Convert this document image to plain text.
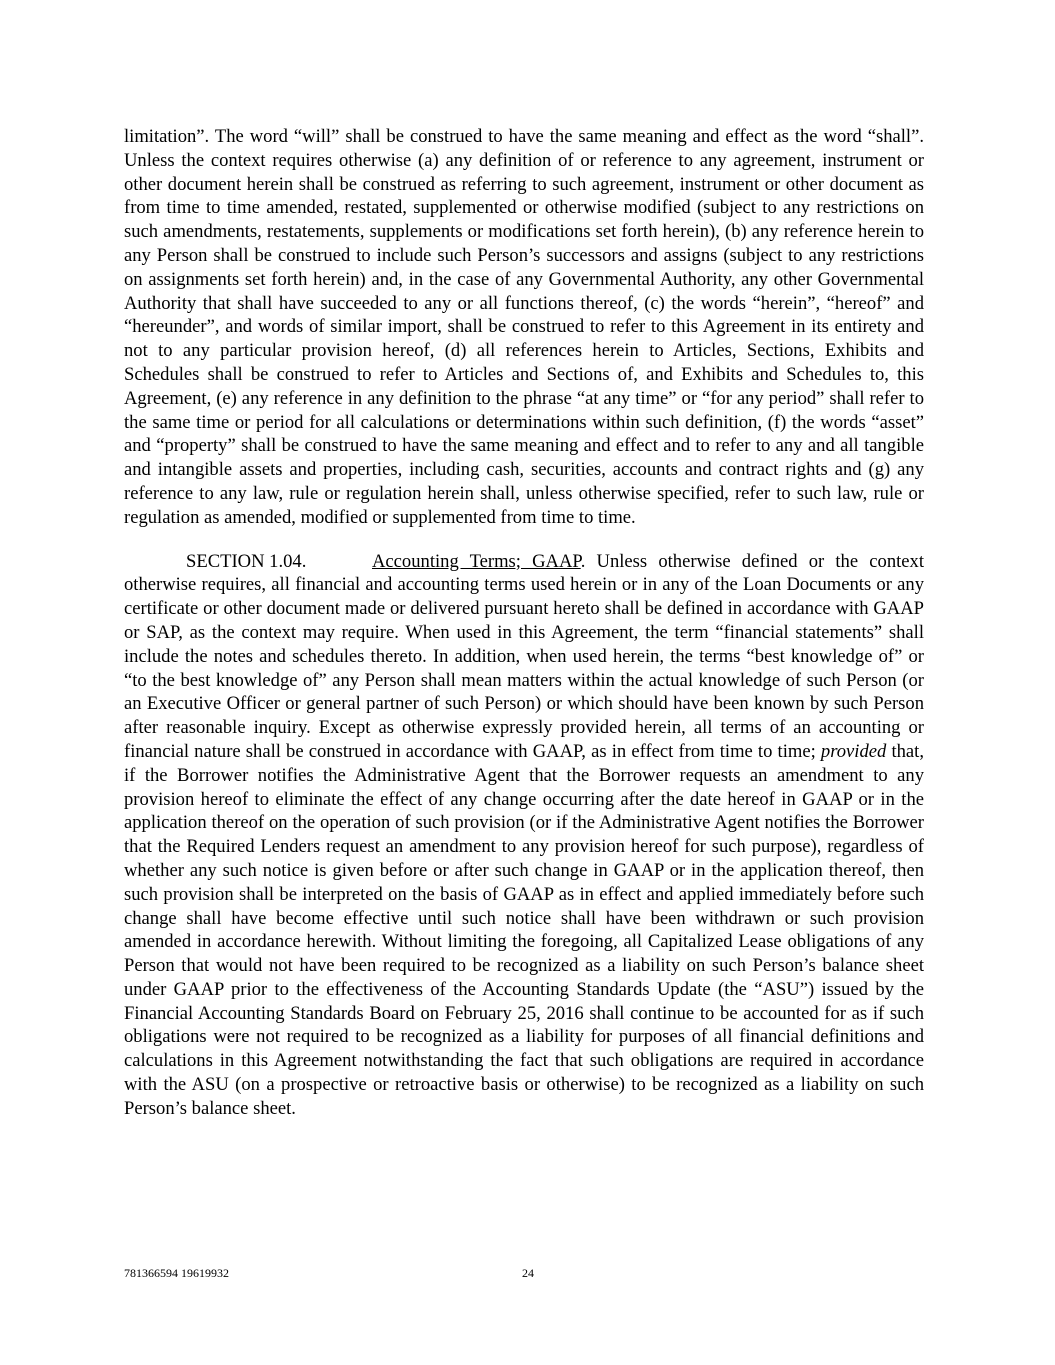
limitation”. The word “will” shall be construed to have the same meaning and effect as the word “shall”. Unless the context requires otherwise (a) any definition of or reference to any agreement, instrument or other document herein shall be construed as referring to such agreement, instrument or other document as from time to time amended, restated, supplemented or otherwise modified (subject to any restrictions on such amendments, restatements, supplements or modifications set forth herein), (b) any reference herein to any Person shall be construed to include such Person’s successors and assigns (subject to any restrictions on assignments set forth herein) and, in the case of any Governmental Authority, any other Governmental Authority that shall have succeeded to any or all functions thereof, (c) the words “herein”, “hereof” and “hereunder”, and words of similar import, shall be construed to refer to this Agreement in its entirety and not to any particular provision hereof, (d) all references herein to Articles, Sections, Exhibits and Schedules shall be construed to refer to Articles and Sections of, and Exhibits and Schedules to, this Agreement, (e) any reference in any definition to the phrase “at any time” or “for any period” shall refer to the same time or period for all calculations or determinations within such definition, (f) the words “asset” and “property” shall be construed to have the same meaning and effect and to refer to any and all tangible and intangible assets and properties, including cash, securities, accounts and contract rights and (g) any reference to any law, rule or regulation herein shall, unless otherwise specified, refer to such law, rule or regulation as amended, modified or supplemented from time to time.

SECTION 1.04.	Accounting Terms; GAAP. Unless otherwise defined or the context otherwise requires, all financial and accounting terms used herein or in any of the Loan Documents or any certificate or other document made or delivered pursuant hereto shall be defined in accordance with GAAP or SAP, as the context may require. When used in this Agreement, the term “financial statements” shall include the notes and schedules thereto. In addition, when used herein, the terms “best knowledge of” or “to the best knowledge of” any Person shall mean matters within the actual knowledge of such Person (or an Executive Officer or general partner of such Person) or which should have been known by such Person after reasonable inquiry. Except as otherwise expressly provided herein, all terms of an accounting or financial nature shall be construed in accordance with GAAP, as in effect from time to time; provided that, if the Borrower notifies the Administrative Agent that the Borrower requests an amendment to any provision hereof to eliminate the effect of any change occurring after the date hereof in GAAP or in the application thereof on the operation of such provision (or if the Administrative Agent notifies the Borrower that the Required Lenders request an amendment to any provision hereof for such purpose), regardless of whether any such notice is given before or after such change in GAAP or in the application thereof, then such provision shall be interpreted on the basis of GAAP as in effect and applied immediately before such change shall have become effective until such notice shall have been withdrawn or such provision amended in accordance herewith. Without limiting the foregoing, all Capitalized Lease obligations of any Person that would not have been required to be recognized as a liability on such Person’s balance sheet under GAAP prior to the effectiveness of the Accounting Standards Update (the “ASU”) issued by the Financial Accounting Standards Board on February 25, 2016 shall continue to be accounted for as if such obligations were not required to be recognized as a liability for purposes of all financial definitions and calculations in this Agreement notwithstanding the fact that such obligations are required in accordance with the ASU (on a prospective or retroactive basis or otherwise) to be recognized as a liability on such Person’s balance sheet.

781366594 19619932	24
